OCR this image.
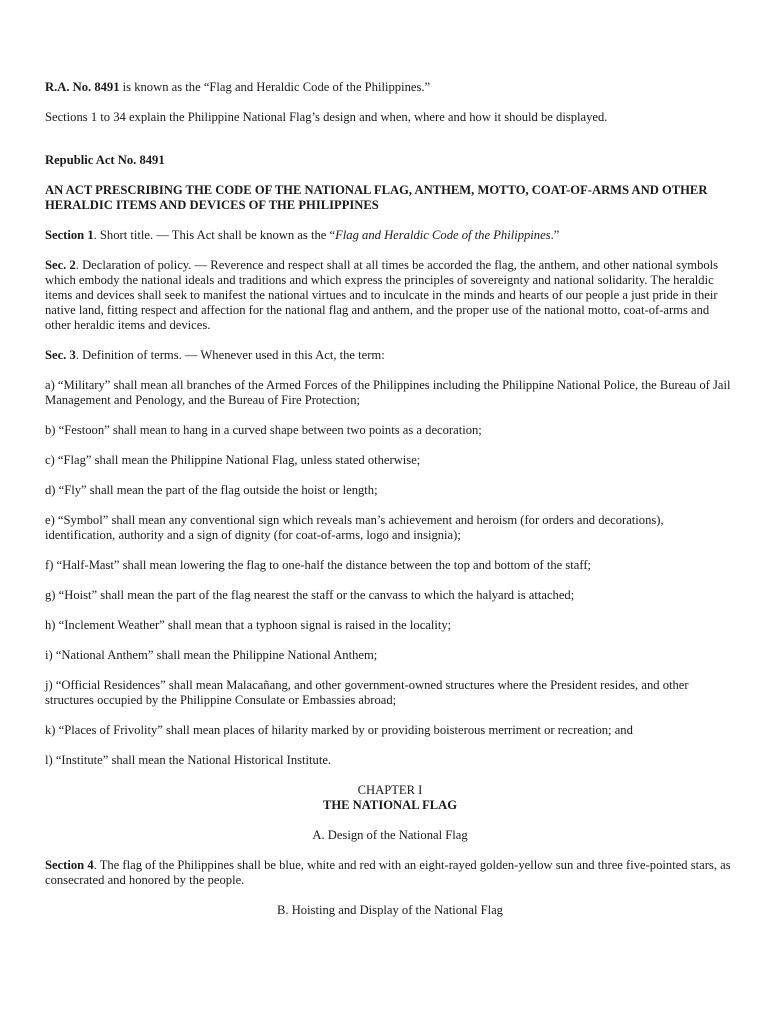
R.A. No. 8491 is known as the “Flag and Heraldic Code of the Philippines.”

Sections 1 to 34 explain the Philippine National Flag’s design and when, where and how it should be displayed.

Republic Act No. 8491

AN ACT PRESCRIBING THE CODE OF THE NATIONAL FLAG, ANTHEM, MOTTO, COAT-OF-ARMS AND OTHER HERALDIC ITEMS AND DEVICES OF THE PHILIPPINES

Section 1. Short title. — This Act shall be known as the “Flag and Heraldic Code of the Philippines.”

Sec. 2. Declaration of policy. — Reverence and respect shall at all times be accorded the flag, the anthem, and other national symbols which embody the national ideals and traditions and which express the principles of sovereignty and national solidarity. The heraldic items and devices shall seek to manifest the national virtues and to inculcate in the minds and hearts of our people a just pride in their native land, fitting respect and affection for the national flag and anthem, and the proper use of the national motto, coat-of-arms and other heraldic items and devices.

Sec. 3. Definition of terms. — Whenever used in this Act, the term:

a) “Military” shall mean all branches of the Armed Forces of the Philippines including the Philippine National Police, the Bureau of Jail Management and Penology, and the Bureau of Fire Protection;

b) “Festoon” shall mean to hang in a curved shape between two points as a decoration;

c) “Flag” shall mean the Philippine National Flag, unless stated otherwise;

d) “Fly” shall mean the part of the flag outside the hoist or length;

e) “Symbol” shall mean any conventional sign which reveals man’s achievement and heroism (for orders and decorations), identification, authority and a sign of dignity (for coat-of-arms, logo and insignia);

f) “Half-Mast” shall mean lowering the flag to one-half the distance between the top and bottom of the staff;

g) “Hoist” shall mean the part of the flag nearest the staff or the canvass to which the halyard is attached;

h) “Inclement Weather” shall mean that a typhoon signal is raised in the locality;

i) “National Anthem” shall mean the Philippine National Anthem;

j) “Official Residences” shall mean Malacañang, and other government-owned structures where the President resides, and other structures occupied by the Philippine Consulate or Embassies abroad;

k) “Places of Frivolity” shall mean places of hilarity marked by or providing boisterous merriment or recreation; and

l) “Institute” shall mean the National Historical Institute.

CHAPTER I

THE NATIONAL FLAG

A. Design of the National Flag

Section 4. The flag of the Philippines shall be blue, white and red with an eight-rayed golden-yellow sun and three five-pointed stars, as consecrated and honored by the people.

B. Hoisting and Display of the National Flag
